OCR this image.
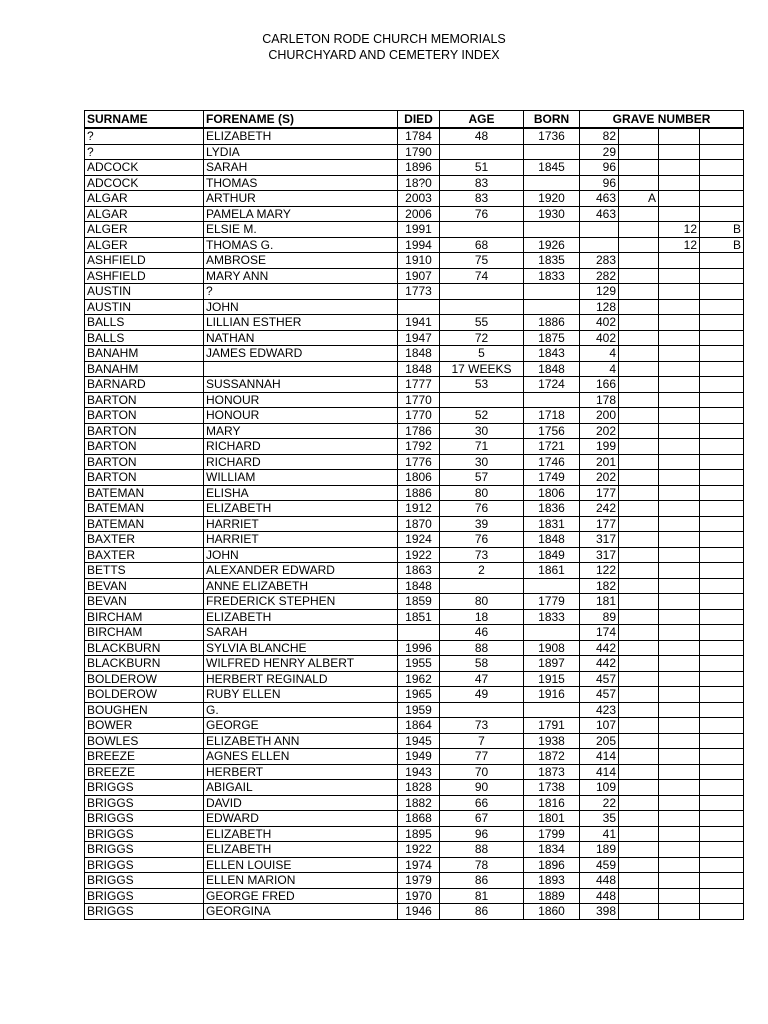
CARLETON RODE CHURCH MEMORIALS
CHURCHYARD AND CEMETERY INDEX
SURNAME	FORENAME (S)	DIED	AGE	BORN	GRAVE NUMBER			
?	ELIZABETH	1784	48	1736	82			
?	LYDIA	1790			29			
ADCOCK	SARAH	1896	51	1845	96			
ADCOCK	THOMAS	18?0	83		96			
ALGAR	ARTHUR	2003	83	1920	463	A		
ALGAR	PAMELA MARY	2006	76	1930	463			
ALGER	ELSIE M.	1991					12	B
ALGER	THOMAS G.	1994	68	1926			12	B
ASHFIELD	AMBROSE	1910	75	1835	283			
ASHFIELD	MARY ANN	1907	74	1833	282			
AUSTIN	?	1773			129			
AUSTIN	JOHN				128			
BALLS	LILLIAN ESTHER	1941	55	1886	402			
BALLS	NATHAN	1947	72	1875	402			
BANAHM	JAMES EDWARD	1848	5	1843	4			
BANAHM		1848	17 WEEKS	1848	4			
BARNARD	SUSSANNAH	1777	53	1724	166			
BARTON	HONOUR	1770			178			
BARTON	HONOUR	1770	52	1718	200			
BARTON	MARY	1786	30	1756	202			
BARTON	RICHARD	1792	71	1721	199			
BARTON	RICHARD	1776	30	1746	201			
BARTON	WILLIAM	1806	57	1749	202			
BATEMAN	ELISHA	1886	80	1806	177			
BATEMAN	ELIZABETH	1912	76	1836	242			
BATEMAN	HARRIET	1870	39	1831	177			
BAXTER	HARRIET	1924	76	1848	317			
BAXTER	JOHN	1922	73	1849	317			
BETTS	ALEXANDER EDWARD	1863	2	1861	122			
BEVAN	ANNE ELIZABETH	1848			182			
BEVAN	FREDERICK STEPHEN	1859	80	1779	181			
BIRCHAM	ELIZABETH	1851	18	1833	89			
BIRCHAM	SARAH		46		174			
BLACKBURN	SYLVIA BLANCHE	1996	88	1908	442			
BLACKBURN	WILFRED HENRY ALBERT	1955	58	1897	442			
BOLDEROW	HERBERT REGINALD	1962	47	1915	457			
BOLDEROW	RUBY ELLEN	1965	49	1916	457			
BOUGHEN	G.	1959			423			
BOWER	GEORGE	1864	73	1791	107			
BOWLES	ELIZABETH ANN	1945	7	1938	205			
BREEZE	AGNES ELLEN	1949	77	1872	414			
BREEZE	HERBERT	1943	70	1873	414			
BRIGGS	ABIGAIL	1828	90	1738	109			
BRIGGS	DAVID	1882	66	1816	22			
BRIGGS	EDWARD	1868	67	1801	35			
BRIGGS	ELIZABETH	1895	96	1799	41			
BRIGGS	ELIZABETH	1922	88	1834	189			
BRIGGS	ELLEN LOUISE	1974	78	1896	459			
BRIGGS	ELLEN MARION	1979	86	1893	448			
BRIGGS	GEORGE FRED	1970	81	1889	448			
BRIGGS	GEORGINA	1946	86	1860	398			
